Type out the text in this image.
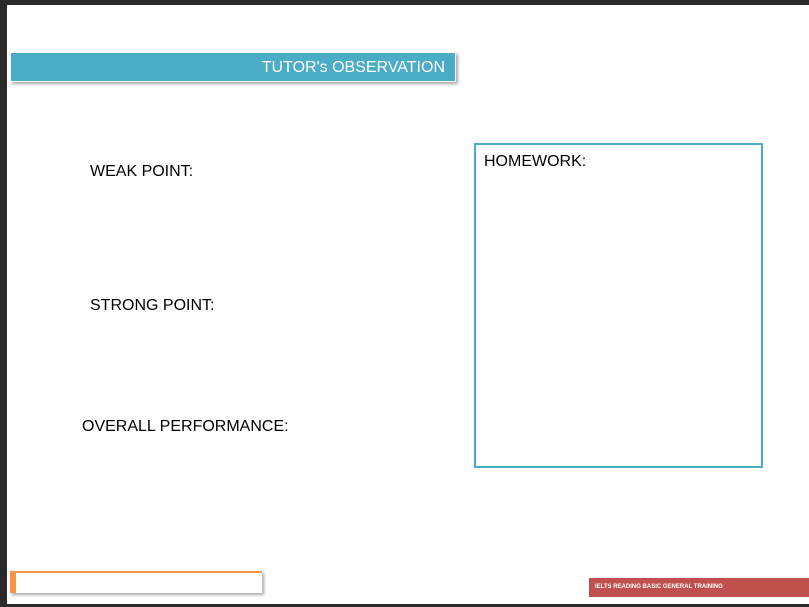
TUTOR's OBSERVATION
WEAK POINT:
STRONG POINT:
OVERALL PERFORMANCE:
HOMEWORK:
IELTS READING BASIC GENERAL TRAINING
